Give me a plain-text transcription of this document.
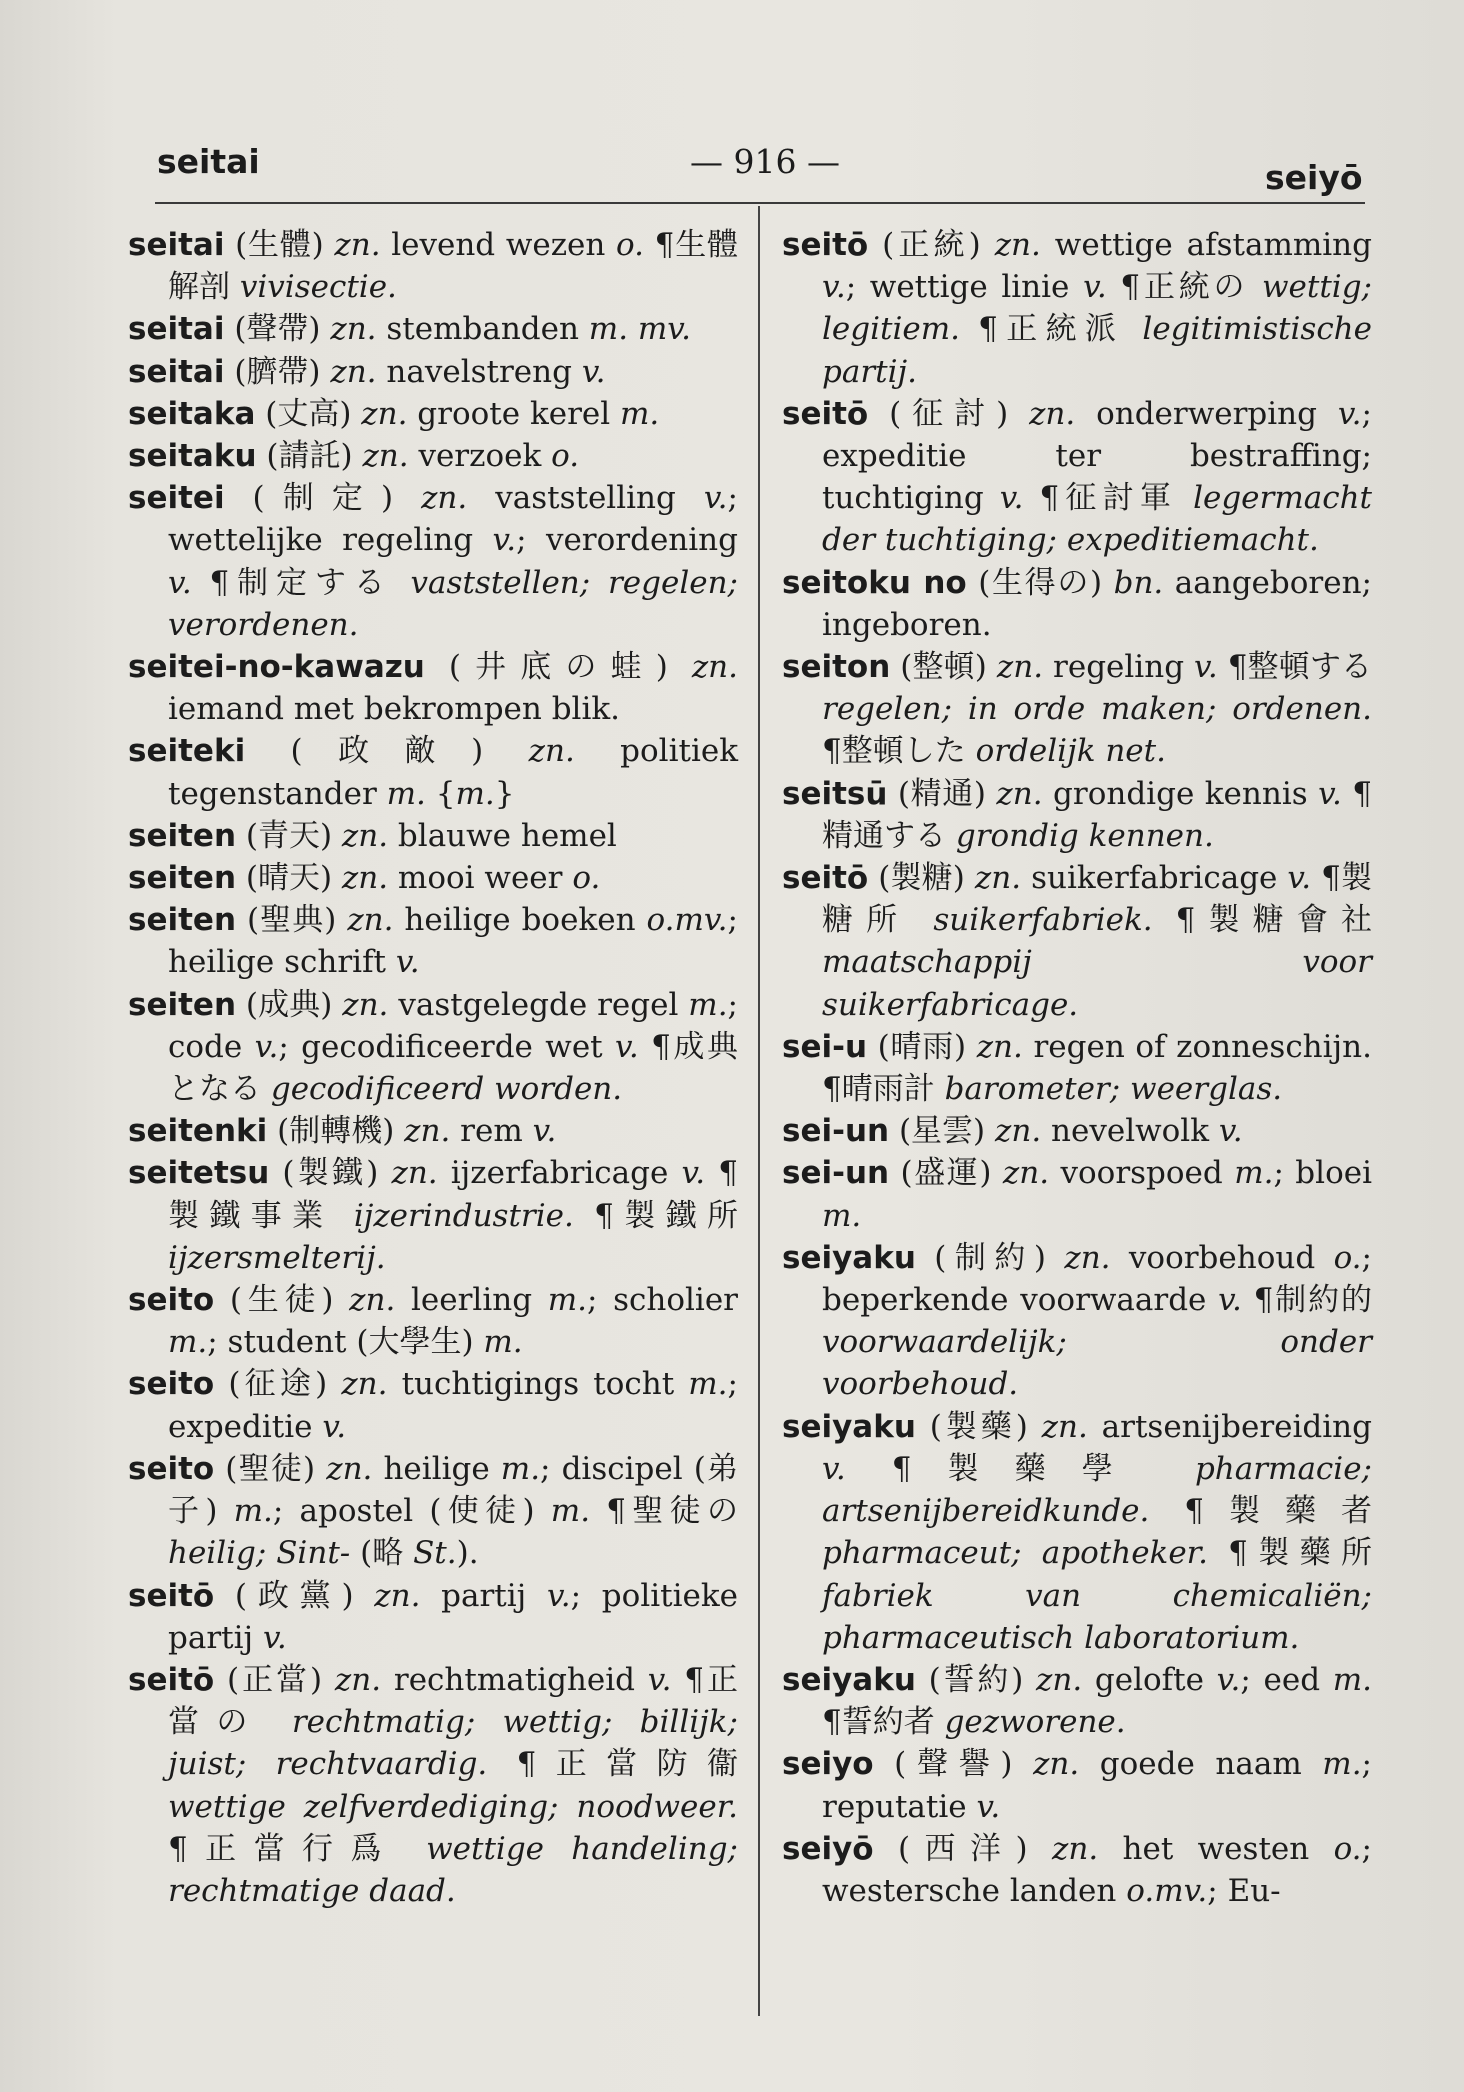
seitai	— 916 —	seiyō

seitai (生體) zn. levend wezen o. ¶生體解剖 vivisectie.

seitai (聲帶) zn. stembanden m. mv.

seitai (臍帶) zn. navelstreng v.

seitaka (丈高) zn. groote kerel m.

seitaku (請託) zn. verzoek o.

seitei (制定) zn. vaststelling v.; wettelijke regeling v.; verordening v. ¶制定する vaststellen; regelen; verordenen.

seitei-no-kawazu (井底の蛙) zn. iemand met bekrompen blik.

seiteki (政敵) zn. politiek tegenstander m. {m.}

seiten (青天) zn. blauwe hemel

seiten (晴天) zn. mooi weer o.

seiten (聖典) zn. heilige boeken o.mv.; heilige schrift v.

seiten (成典) zn. vastgelegde regel m.; code v.; gecodificeerde wet v. ¶成典となる gecodificeerd worden.

seitenki (制轉機) zn. rem v.

seitetsu (製鐵) zn. ijzerfabricage v. ¶製鐵事業 ijzerindustrie. ¶製鐵所 ijzersmelterij.

seito (生徒) zn. leerling m.; scholier m.; student (大學生) m.

seito (征途) zn. tuchtigings tocht m.; expeditie v.

seito (聖徒) zn. heilige m.; discipel (弟子) m.; apostel (使徒) m. ¶聖徒の heilig; Sint- (略 St.).

seitō (政黨) zn. partij v.; politieke partij v.

seitō (正當) zn. rechtmatigheid v. ¶正當の rechtmatig; wettig; billijk; juist; rechtvaardig. ¶正當防衞 wettige zelfverdediging; noodweer. ¶正當行爲 wettige handeling; rechtmatige daad.

seitō (正統) zn. wettige afstamming v.; wettige linie v. ¶正統の wettig; legitiem. ¶正統派 legitimistische partij.

seitō (征討) zn. onderwerping v.; expeditie ter bestraffing; tuchtiging v. ¶征討軍 legermacht der tuchtiging; expeditiemacht.

seitoku no (生得の) bn. aangeboren; ingeboren.

seiton (整頓) zn. regeling v. ¶整頓する regelen; in orde maken; ordenen. ¶整頓した ordelijk net.

seitsū (精通) zn. grondige kennis v. ¶精通する grondig kennen.

seitō (製糖) zn. suikerfabricage v. ¶製糖所 suikerfabriek. ¶製糖會社 maatschappij voor suikerfabricage.

sei-u (晴雨) zn. regen of zonneschijn. ¶晴雨計 barometer; weerglas.

sei-un (星雲) zn. nevelwolk v.

sei-un (盛運) zn. voorspoed m.; bloei m.

seiyaku (制約) zn. voorbehoud o.; beperkende voorwaarde v. ¶制約的 voorwaardelijk; onder voorbehoud.

seiyaku (製藥) zn. artsenijbereiding v. ¶製藥學 pharmacie; artsenijbereidkunde. ¶製藥者 pharmaceut; apotheker. ¶製藥所 fabriek van chemicaliën; pharmaceutisch laboratorium.

seiyaku (誓約) zn. gelofte v.; eed m. ¶誓約者 gezworene.

seiyo (聲譽) zn. goede naam m.; reputatie v.

seiyō (西洋) zn. het westen o.; westersche landen o.mv.; Eu-
